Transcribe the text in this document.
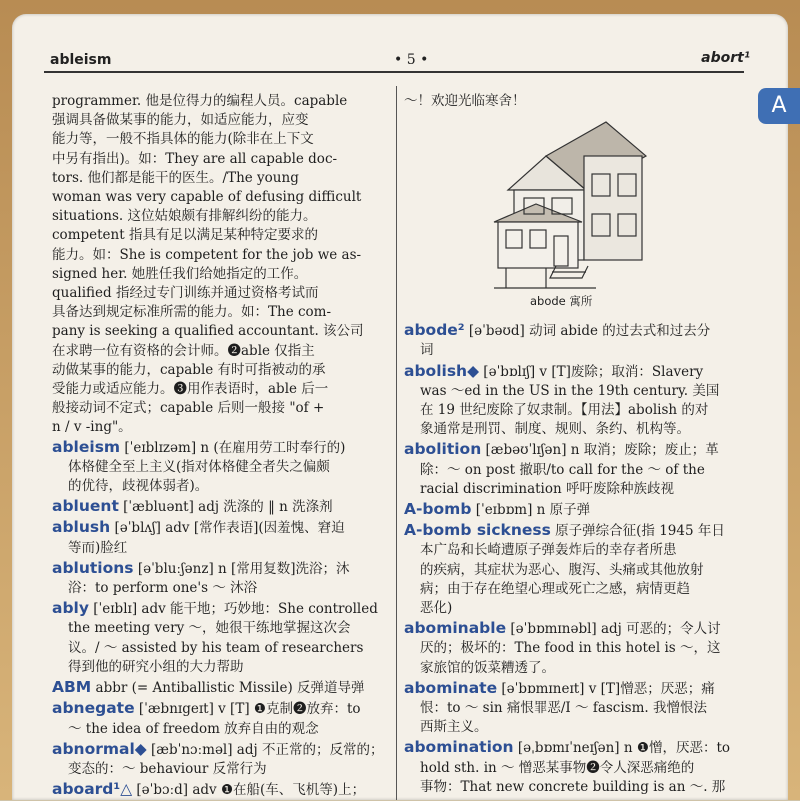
ableism	• 5 •	abort¹
A

programmer. 他是位得力的编程人员。capable

强调具备做某事的能力，如适应能力，应变

能力等，一般不指具体的能力(除非在上下文

中另有指出)。如：They are all capable doc-

tors. 他们都是能干的医生。/The young

woman was very capable of defusing difficult

situations. 这位姑娘颇有排解纠纷的能力。

competent 指具有足以满足某种特定要求的

能力。如：She is competent for the job we as-

signed her. 她胜任我们给她指定的工作。

qualified 指经过专门训练并通过资格考试而

具备达到规定标准所需的能力。如：The com-

pany is seeking a qualified accountant. 该公司

在求聘一位有资格的会计师。❷able 仅指主

动做某事的能力，capable 有时可指被动的承

受能力或适应能力。❸用作表语时，able 后一

般接动词不定式；capable 后则一般接 "of +

n / v -ing"。

ableism [ˈeɪblɪzəm] n (在雇用劳工时奉行的)

体格健全至上主义(指对体格健全者失之偏颇

的优待，歧视体弱者)。

abluent [ˈæbluənt] adj 洗涤的 ‖ n 洗涤剂

ablush [əˈblʌʃ] adv [常作表语](因羞愧、窘迫

等而)脸红

ablutions [əˈbluːʃənz] n [常用复数]洗浴；沐

浴：to perform one's ～ 沐浴

ably [ˈeɪblɪ] adv 能干地；巧妙地：She controlled

the meeting very ～，她很干练地掌握这次会

议。/ ～ assisted by his team of researchers

得到他的研究小组的大力帮助

ABM abbr (= Antiballistic Missile) 反弹道导弹

abnegate [ˈæbnɪgeɪt] v [T] ❶克制❷放弃：to

～ the idea of freedom 放弃自由的观念

abnormal◆ [æbˈnɔːməl] adj 不正常的；反常的；

变态的：～ behaviour 反常行为

aboard¹△ [əˈbɔːd] adv ❶在船(车、飞机等)上；

～！欢迎光临寒舍！

abode² [əˈbəʊd] 动词 abide 的过去式和过去分

词

abolish◆ [əˈbɒlɪʃ] v [T]废除；取消：Slavery

was ～ed in the US in the 19th century. 美国

在 19 世纪废除了奴隶制。【用法】abolish 的对

象通常是刑罚、制度、规则、条约、机构等。

abolition [æbəʊˈlɪʃən] n 取消；废除；废止；革

除：～ on post 撤职/to call for the ～ of the

racial discrimination 呼吁废除种族歧视

A-bomb [ˈeɪbɒm] n 原子弹

A-bomb sickness 原子弹综合征(指 1945 年日

本广岛和长崎遭原子弹轰炸后的幸存者所患

的疾病，其症状为恶心、腹泻、头痛或其他放射

病；由于存在绝望心理或死亡之感，病情更趋

恶化)

abominable [əˈbɒmɪnəbl] adj 可恶的；令人讨

厌的；极坏的：The food in this hotel is ～，这

家旅馆的饭菜糟透了。

abominate [əˈbɒmɪneɪt] v [T]憎恶；厌恶；痛

恨：to ～ sin 痛恨罪恶/I ～ fascism. 我憎恨法

西斯主义。

abomination [əˌbɒmɪˈneɪʃən] n ❶憎，厌恶：to

hold sth. in ～ 憎恶某事物❷令人深恶痛绝的

事物：That new concrete building is an ～. 那

abode 寓所
